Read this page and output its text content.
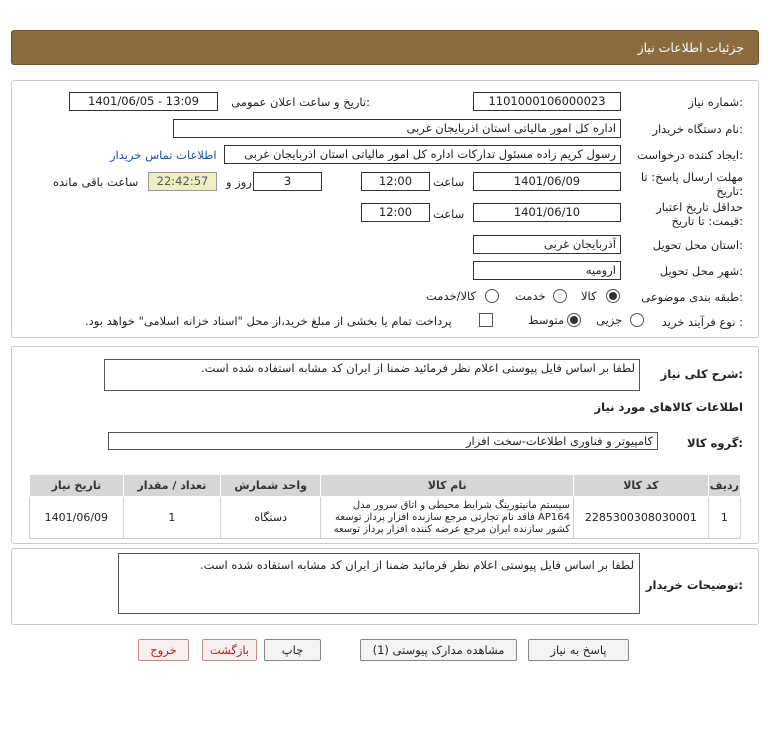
جزئیات اطلاعات نیاز
شماره نیاز:
1101000106000023
تاریخ و ساعت اعلان عمومی:
1401/06/05 - 13:09
نام دستگاه خریدار:
اداره کل امور مالیاتی استان اذربایجان غربی
ایجاد کننده درخواست:
رسول کریم زاده مسئول تدارکات اداره کل امور مالیاتی استان اذربایجان غربی
اطلاعات تماس خریدار
مهلت ارسال پاسخ: تا
تاریخ:
1401/06/09
ساعت
12:00
3
روز و
22:42:57
ساعت باقی مانده
حداقل تاریخ اعتبار
قیمت: تا تاریخ:
1401/06/10
ساعت
12:00
استان محل تحویل:
آذربایجان غربی
شهر محل تحویل:
ارومیه
طبقه بندی موضوعی:
کالا
خدمت
کالا/خدمت
نوع فرآیند خرید :
جزیی
متوسط
پرداخت تمام یا بخشی از مبلغ خرید،از محل "اسناد خزانه اسلامی" خواهد بود.
شرح کلی نیاز:
لطفا بر اساس فایل پیوستی اعلام نظر فرمائید ضمنا از ایران کد مشابه استفاده شده است.
اطلاعات کالاهای مورد نیاز
گروه کالا:
کامپیوتر و فناوری اطلاعات-سخت افزار
ردیف	کد کالا	نام کالا	واحد شمارش	تعداد / مقدار	تاریخ نیاز
1	2285300308030001	سیستم مانیتورینگ شرایط محیطی و اتاق سرور مدل AP164 فاقد نام تجارتی مرجع سازنده افزار پرداز توسعه کشور سازنده ایران مرجع عرضه کننده افزار پرداز توسعه	دستگاه	1	1401/06/09
توضیحات خریدار:
لطفا بر اساس فایل پیوستی اعلام نظر فرمائید ضمنا از ایران کد مشابه استفاده شده است.
پاسخ به نیاز
مشاهده مدارک پیوستی (1)
چاپ
بازگشت
خروج
